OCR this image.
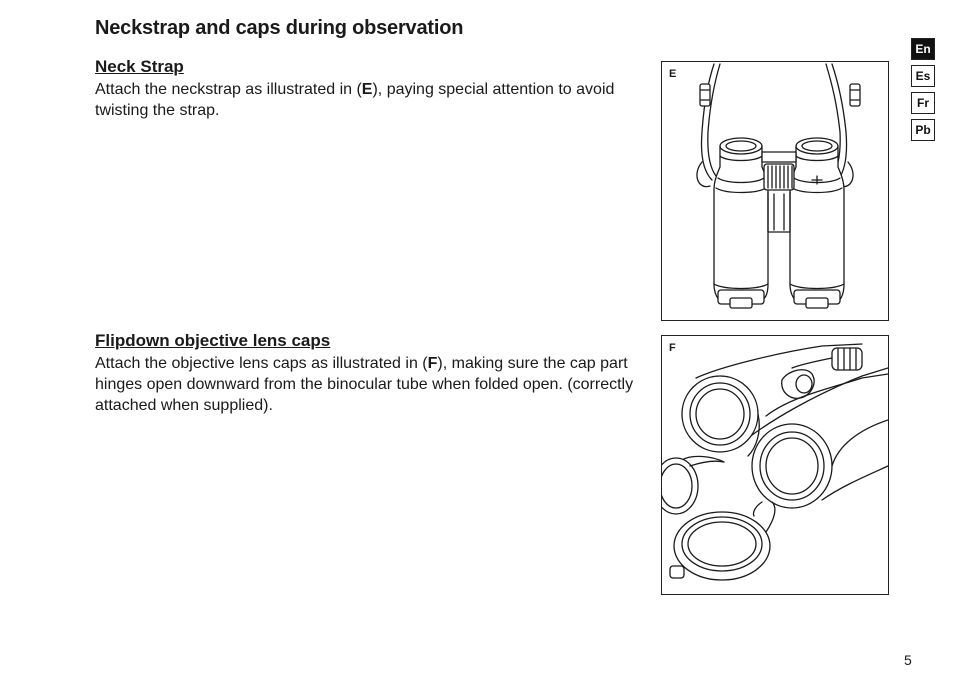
Neckstrap and caps during observation
Neck Strap

Attach the neckstrap as illustrated in (E), paying special attention to avoid twisting the strap.

Flipdown objective lens caps

Attach the objective lens caps as illustrated in (F), making sure the cap part hinges open downward from the binocular tube when folded open. (correctly attached when supplied).

E
F
En
Es
Fr
Pb
5
